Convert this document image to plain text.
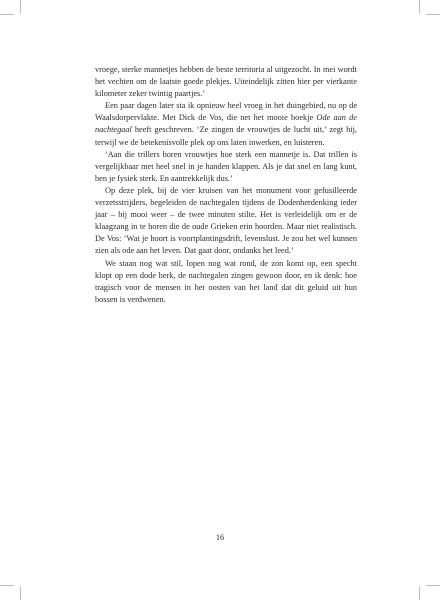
vroege, sterke mannetjes hebben de beste territoria al uitgezocht. In mei wordt het vechten om de laatste goede plekjes. Uiteindelijk zitten hier per vierkante kilometer zeker twintig paartjes.’

Een paar dagen later sta ik opnieuw heel vroeg in het duingebied, nu op de Waalsdorpervlakte. Met Dick de Vos, die net het mooie boekje Ode aan de nachtegaal heeft geschreven. ‘Ze zingen de vrouwtjes de lucht uit,’ zegt hij, terwijl we de betekenisvolle plek op ons laten inwerken, en luisteren.

‘Aan die trillers horen vrouwtjes hoe sterk een mannetje is. Dat trillen is vergelijkbaar met heel snel in je handen klappen. Als je dat snel en lang kunt, ben je fysiek sterk. En aantrekkelijk dus.’

Op deze plek, bij de vier kruisen van het monument voor gefusilleerde verzetsstrijders, begeleiden de nachtegalen tijdens de Dodenherdenking ieder jaar – bij mooi weer – de twee minuten stilte. Het is verleidelijk om er de klaagzang in te horen die de oude Grieken erin hoorden. Maar niet realistisch. De Vos: ‘Wat je hoort is voortplantingsdrift, levenslust. Je zou het wel kunnen zien als ode aan het leven. Dat gaat door, ondanks het leed.’

We staan nog wat stil, lopen nog wat rond, de zon komt op, een specht klopt op een dode berk, de nachtegalen zingen gewoon door, en ik denk: hoe tragisch voor de mensen in het oosten van het land dat dit geluid uit hun bossen is verdwenen.

16
